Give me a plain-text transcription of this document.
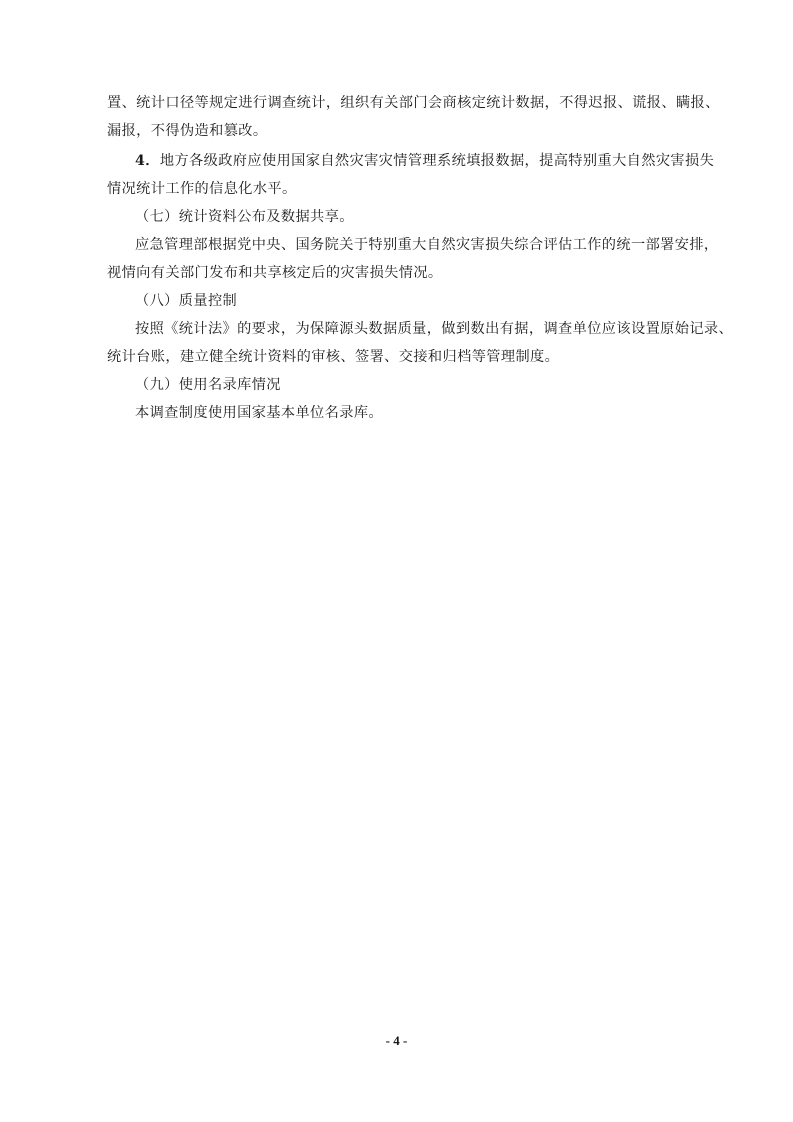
置、统计口径等规定进行调查统计，组织有关部门会商核定统计数据，不得迟报、谎报、瞒报、
漏报，不得伪造和篡改。
4．地方各级政府应使用国家自然灾害灾情管理系统填报数据，提高特别重大自然灾害损失
情况统计工作的信息化水平。
（七）统计资料公布及数据共享。
应急管理部根据党中央、国务院关于特别重大自然灾害损失综合评估工作的统一部署安排，
视情向有关部门发布和共享核定后的灾害损失情况。
（八）质量控制
按照《统计法》的要求，为保障源头数据质量，做到数出有据，调查单位应该设置原始记录、
统计台账，建立健全统计资料的审核、签署、交接和归档等管理制度。
（九）使用名录库情况
本调查制度使用国家基本单位名录库。
- 4 -
